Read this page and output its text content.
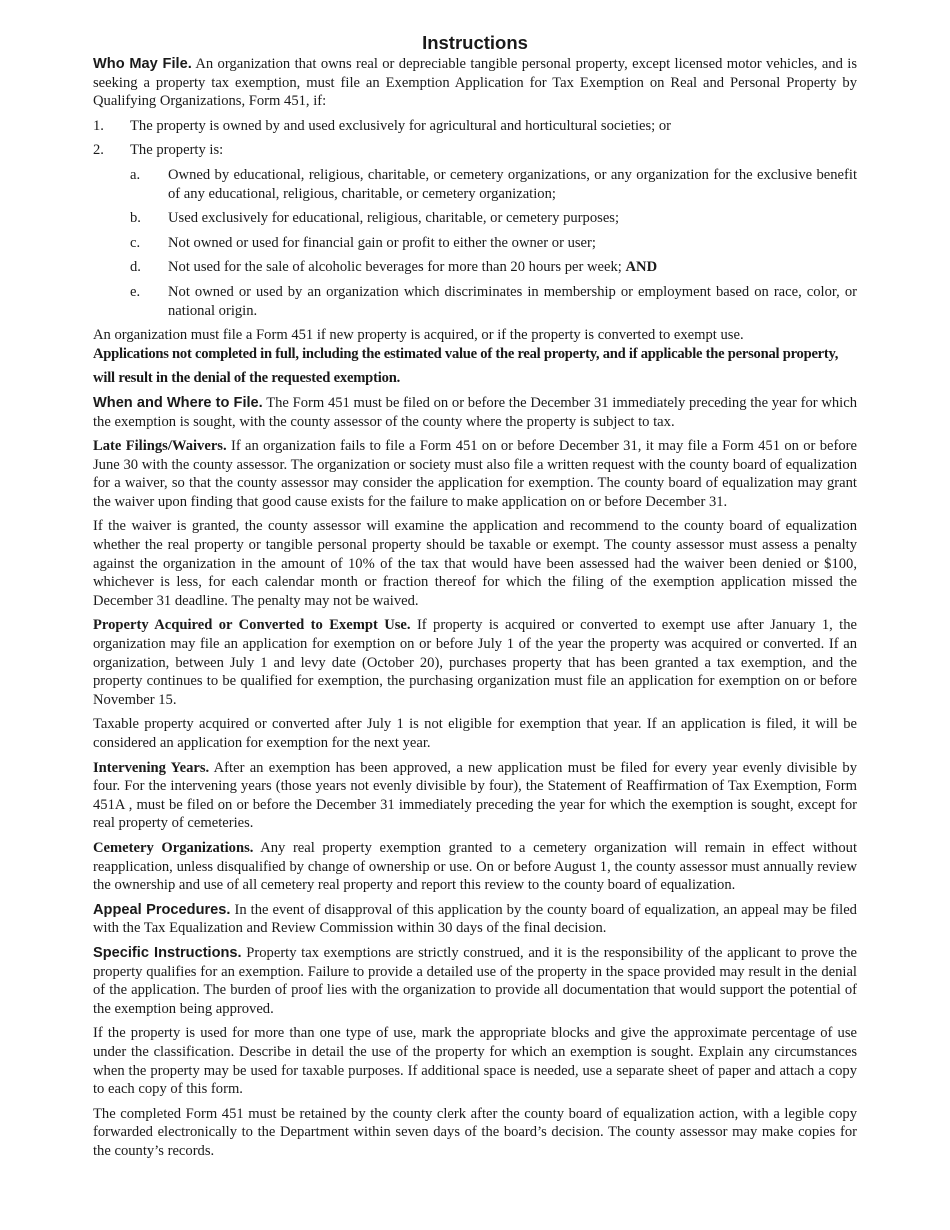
Instructions

Who May File. An organization that owns real or depreciable tangible personal property, except licensed motor vehicles, and is seeking a property tax exemption, must file an Exemption Application for Tax Exemption on Real and Personal Property by Qualifying Organizations, Form 451, if:

1.	The property is owned by and used exclusively for agricultural and horticultural societies; or
2.	The property is:
a.	Owned by educational, religious, charitable, or cemetery organizations, or any organization for the exclusive benefit of any educational, religious, charitable, or cemetery organization;
b.	Used exclusively for educational, religious, charitable, or cemetery purposes;
c.	Not owned or used for financial gain or profit to either the owner or user;
d.	Not used for the sale of alcoholic beverages for more than 20 hours per week; AND
e.	Not owned or used by an organization which discriminates in membership or employment based on race, color, or national origin.

An organization must file a Form 451 if new property is acquired, or if the property is converted to exempt use.

Applications not completed in full, including the estimated value of the real property, and if applicable the personal property,

will result in the denial of the requested exemption.

When and Where to File. The Form 451 must be filed on or before the December 31 immediately preceding the year for which the exemption is sought, with the county assessor of the county where the property is subject to tax.

Late Filings/Waivers. If an organization fails to file a Form 451 on or before December 31, it may file a Form 451 on or before June 30 with the county assessor. The organization or society must also file a written request with the county board of equalization for a waiver, so that the county assessor may consider the application for exemption. The county board of equalization may grant the waiver upon finding that good cause exists for the failure to make application on or before December 31.

If the waiver is granted, the county assessor will examine the application and recommend to the county board of equalization whether the real property or tangible personal property should be taxable or exempt. The county assessor must assess a penalty against the organization in the amount of 10% of the tax that would have been assessed had the waiver been denied or $100, whichever is less, for each calendar month or fraction thereof for which the filing of the exemption application missed the December 31 deadline. The penalty may not be waived.

Property Acquired or Converted to Exempt Use. If property is acquired or converted to exempt use after January 1, the organization may file an application for exemption on or before July 1 of the year the property was acquired or converted. If an organization, between July 1 and levy date (October 20), purchases property that has been granted a tax exemption, and the property continues to be qualified for exemption, the purchasing organization must file an application for exemption on or before November 15.

Taxable property acquired or converted after July 1 is not eligible for exemption that year. If an application is filed, it will be considered an application for exemption for the next year.

Intervening Years. After an exemption has been approved, a new application must be filed for every year evenly divisible by four. For the intervening years (those years not evenly divisible by four), the Statement of Reaffirmation of Tax Exemption, Form 451A , must be filed on or before the December 31 immediately preceding the year for which the exemption is sought, except for real property of cemeteries.

Cemetery Organizations. Any real property exemption granted to a cemetery organization will remain in effect without reapplication, unless disqualified by change of ownership or use. On or before August 1, the county assessor must annually review the ownership and use of all cemetery real property and report this review to the county board of equalization.

Appeal Procedures. In the event of disapproval of this application by the county board of equalization, an appeal may be filed with the Tax Equalization and Review Commission within 30 days of the final decision.

Specific Instructions. Property tax exemptions are strictly construed, and it is the responsibility of the applicant to prove the property qualifies for an exemption. Failure to provide a detailed use of the property in the space provided may result in the denial of the application. The burden of proof lies with the organization to provide all documentation that would support the potential of the exemption being approved.

If the property is used for more than one type of use, mark the appropriate blocks and give the approximate percentage of use under the classification. Describe in detail the use of the property for which an exemption is sought. Explain any circumstances when the property may be used for taxable purposes. If additional space is needed, use a separate sheet of paper and attach a copy to each copy of this form.

The completed Form 451 must be retained by the county clerk after the county board of equalization action, with a legible copy forwarded electronically to the Department within seven days of the board’s decision. The county assessor may make copies for the county’s records.
